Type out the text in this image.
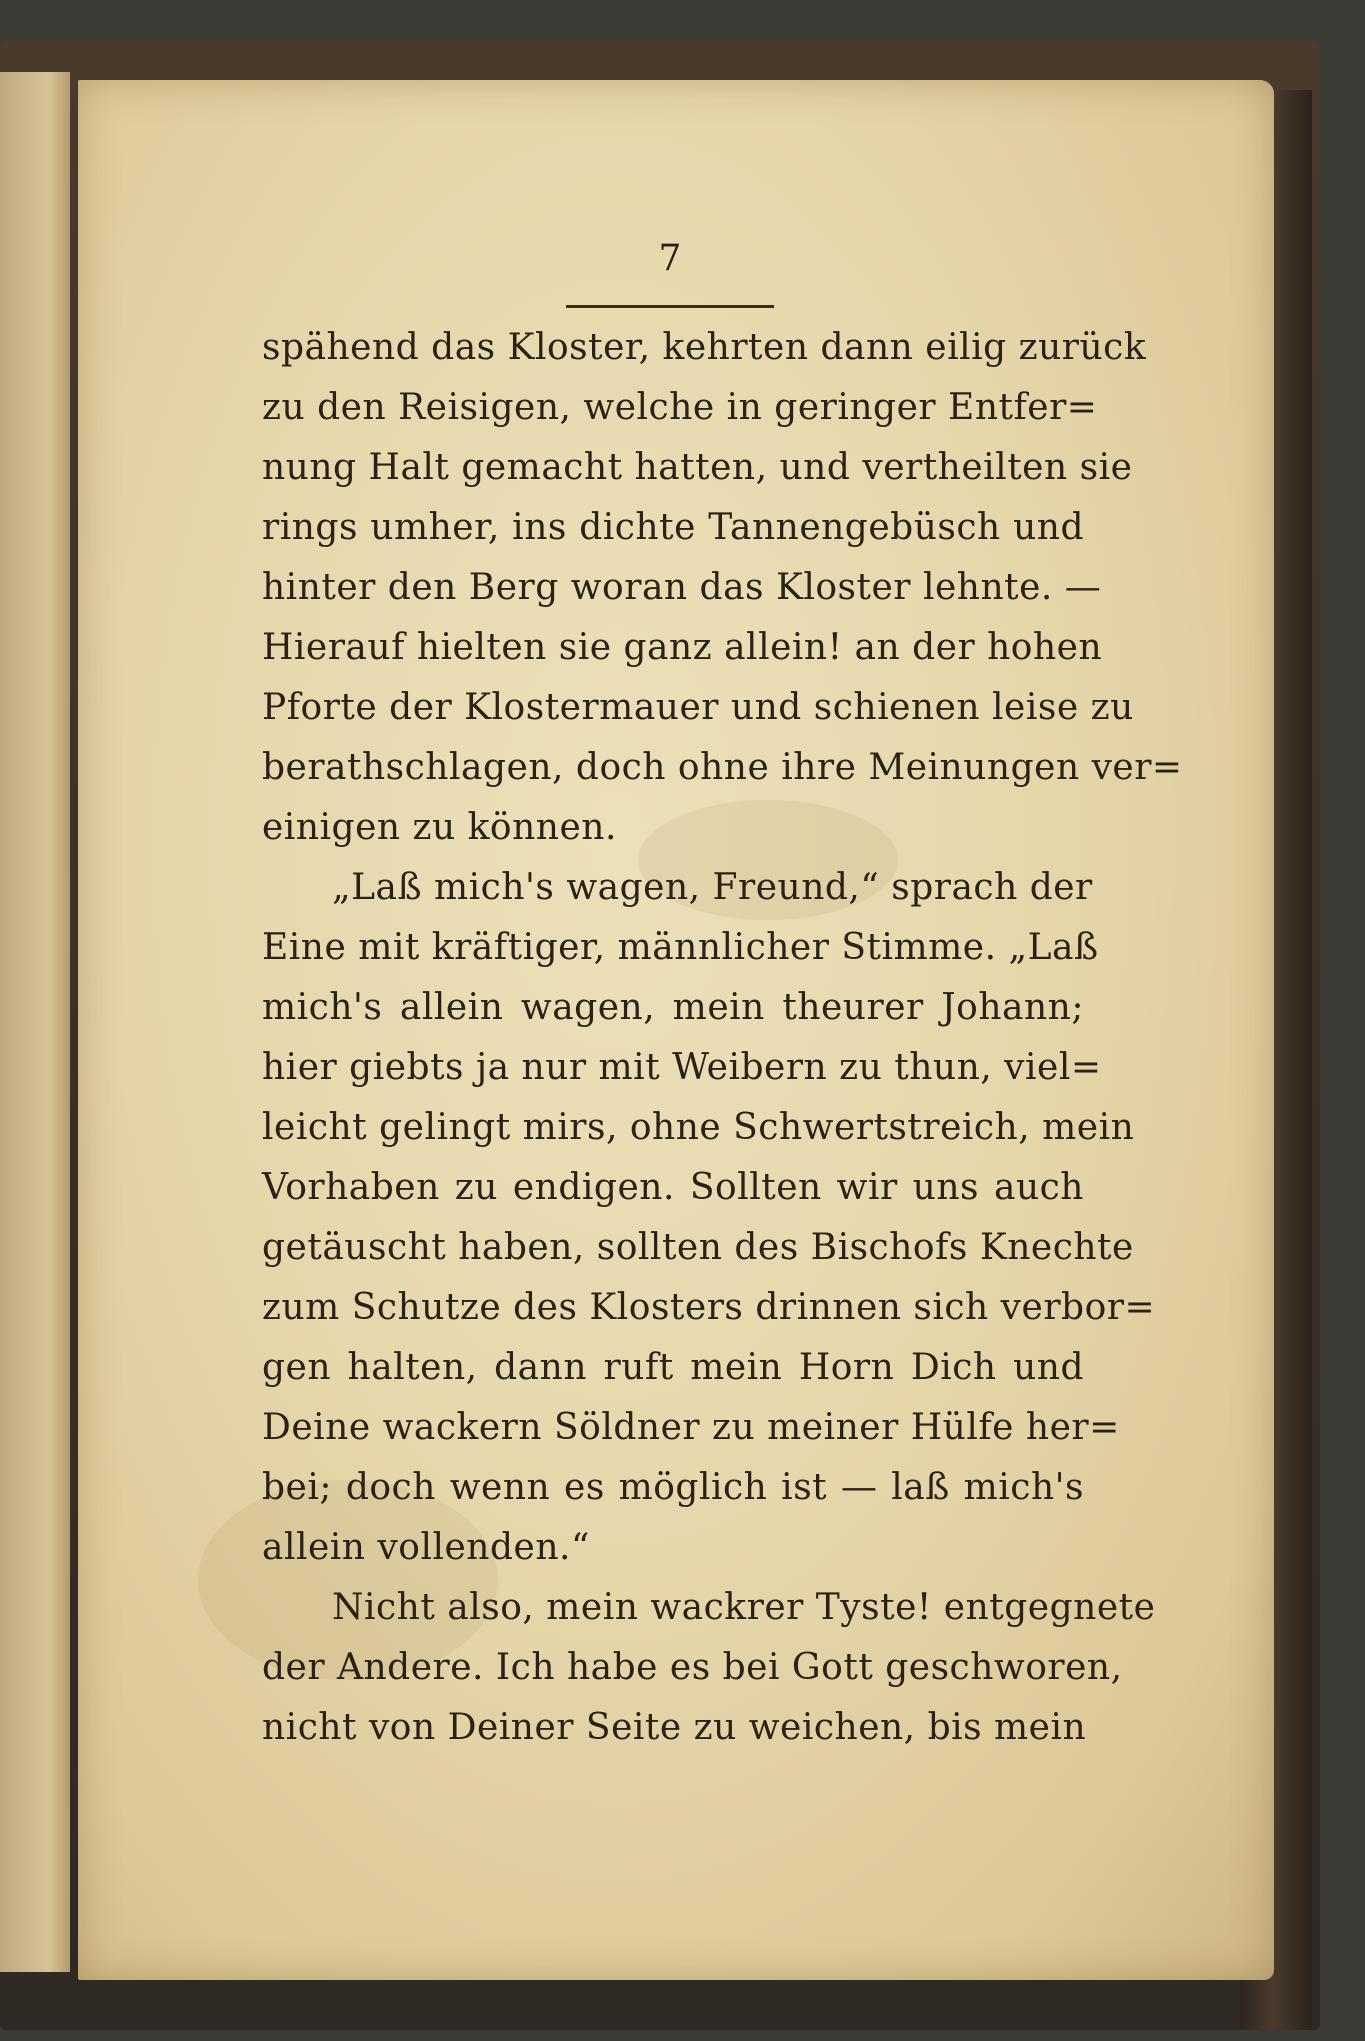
7
spähend das Kloster, kehrten dann eilig zurück
zu den Reisigen, welche in geringer Entfer=
nung Halt gemacht hatten, und vertheilten sie
rings umher, ins dichte Tannengebüsch und
hinter den Berg woran das Kloster lehnte. —
Hierauf hielten sie ganz allein! an der hohen
Pforte der Klostermauer und schienen leise zu
berathschlagen, doch ohne ihre Meinungen ver=
einigen zu können.
„Laß mich's wagen, Freund,“ sprach der
Eine mit kräftiger, männlicher Stimme. „Laß
mich's allein wagen, mein theurer Johann;
hier giebts ja nur mit Weibern zu thun, viel=
leicht gelingt mirs, ohne Schwertstreich, mein
Vorhaben zu endigen. Sollten wir uns auch
getäuscht haben, sollten des Bischofs Knechte
zum Schutze des Klosters drinnen sich verbor=
gen halten, dann ruft mein Horn Dich und
Deine wackern Söldner zu meiner Hülfe her=
bei; doch wenn es möglich ist — laß mich's
allein vollenden.“
Nicht also, mein wackrer Tyste! entgegnete
der Andere. Ich habe es bei Gott geschworen,
nicht von Deiner Seite zu weichen, bis mein
